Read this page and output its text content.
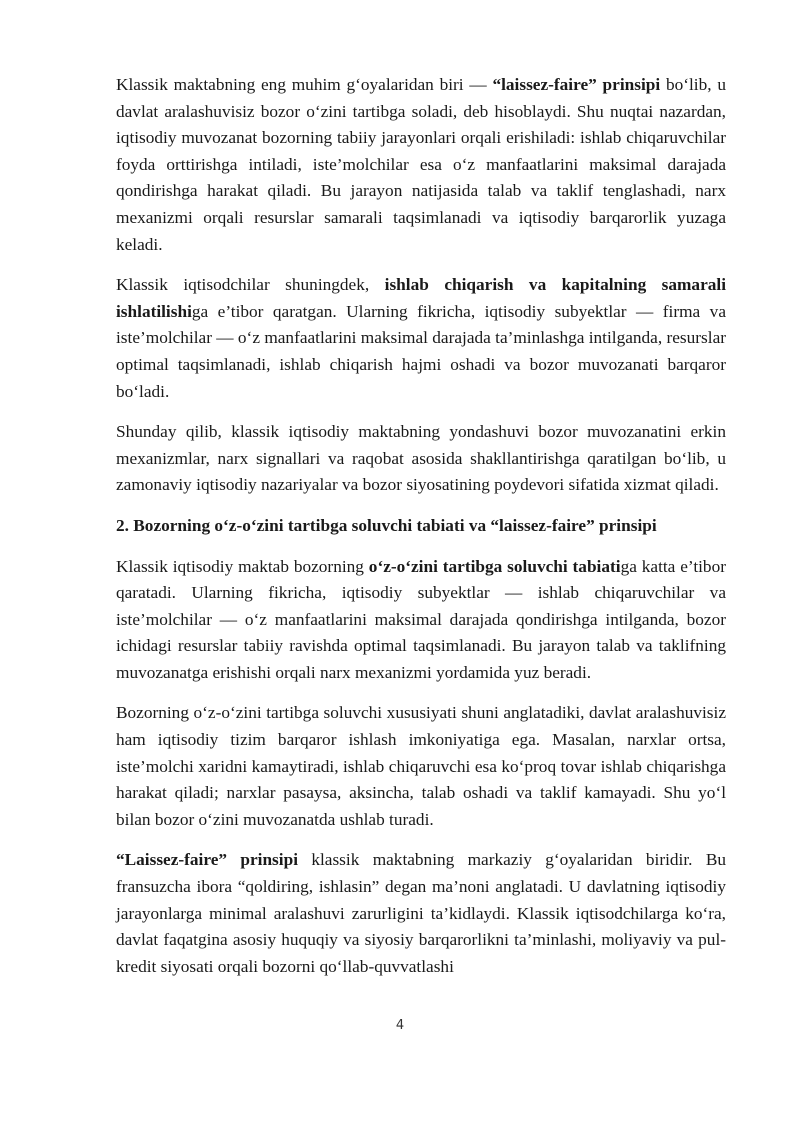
Klassik maktabning eng muhim g‘oyalaridan biri — “laissez-faire” prinsipi bo‘lib, u davlat aralashuvisiz bozor o‘zini tartibga soladi, deb hisoblaydi. Shu nuqtai nazardan, iqtisodiy muvozanat bozorning tabiiy jarayonlari orqali erishiladi: ishlab chiqaruvchilar foyda orttirishga intiladi, iste’molchilar esa o‘z manfaatlarini maksimal darajada qondirishga harakat qiladi. Bu jarayon natijasida talab va taklif tenglashadi, narx mexanizmi orqali resurslar samarali taqsimlanadi va iqtisodiy barqarorlik yuzaga keladi.

Klassik iqtisodchilar shuningdek, ishlab chiqarish va kapitalning samarali ishlatilishiga e’tibor qaratgan. Ularning fikricha, iqtisodiy subyektlar — firma va iste’molchilar — o‘z manfaatlarini maksimal darajada ta’minlashga intilganda, resurslar optimal taqsimlanadi, ishlab chiqarish hajmi oshadi va bozor muvozanati barqaror bo‘ladi.

Shunday qilib, klassik iqtisodiy maktabning yondashuvi bozor muvozanatini erkin mexanizmlar, narx signallari va raqobat asosida shakllantirishga qaratilgan bo‘lib, u zamonaviy iqtisodiy nazariyalar va bozor siyosatining poydevori sifatida xizmat qiladi.

2. Bozorning o‘z-o‘zini tartibga soluvchi tabiati va “laissez-faire” prinsipi

Klassik iqtisodiy maktab bozorning o‘z-o‘zini tartibga soluvchi tabiatiga katta e’tibor qaratadi. Ularning fikricha, iqtisodiy subyektlar — ishlab chiqaruvchilar va iste’molchilar — o‘z manfaatlarini maksimal darajada qondirishga intilganda, bozor ichidagi resurslar tabiiy ravishda optimal taqsimlanadi. Bu jarayon talab va taklifning muvozanatga erishishi orqali narx mexanizmi yordamida yuz beradi.

Bozorning o‘z-o‘zini tartibga soluvchi xususiyati shuni anglatadiki, davlat aralashuvisiz ham iqtisodiy tizim barqaror ishlash imkoniyatiga ega. Masalan, narxlar ortsa, iste’molchi xaridni kamaytiradi, ishlab chiqaruvchi esa ko‘proq tovar ishlab chiqarishga harakat qiladi; narxlar pasaysa, aksincha, talab oshadi va taklif kamayadi. Shu yo‘l bilan bozor o‘zini muvozanatda ushlab turadi.

“Laissez-faire” prinsipi klassik maktabning markaziy g‘oyalaridan biridir. Bu fransuzcha ibora “qoldiring, ishlasin” degan ma’noni anglatadi. U davlatning iqtisodiy jarayonlarga minimal aralashuvi zarurligini ta’kidlaydi. Klassik iqtisodchilarga ko‘ra, davlat faqatgina asosiy huquqiy va siyosiy barqarorlikni ta’minlashi, moliyaviy va pul-kredit siyosati orqali bozorni qo‘llab-quvvatlashi

4
